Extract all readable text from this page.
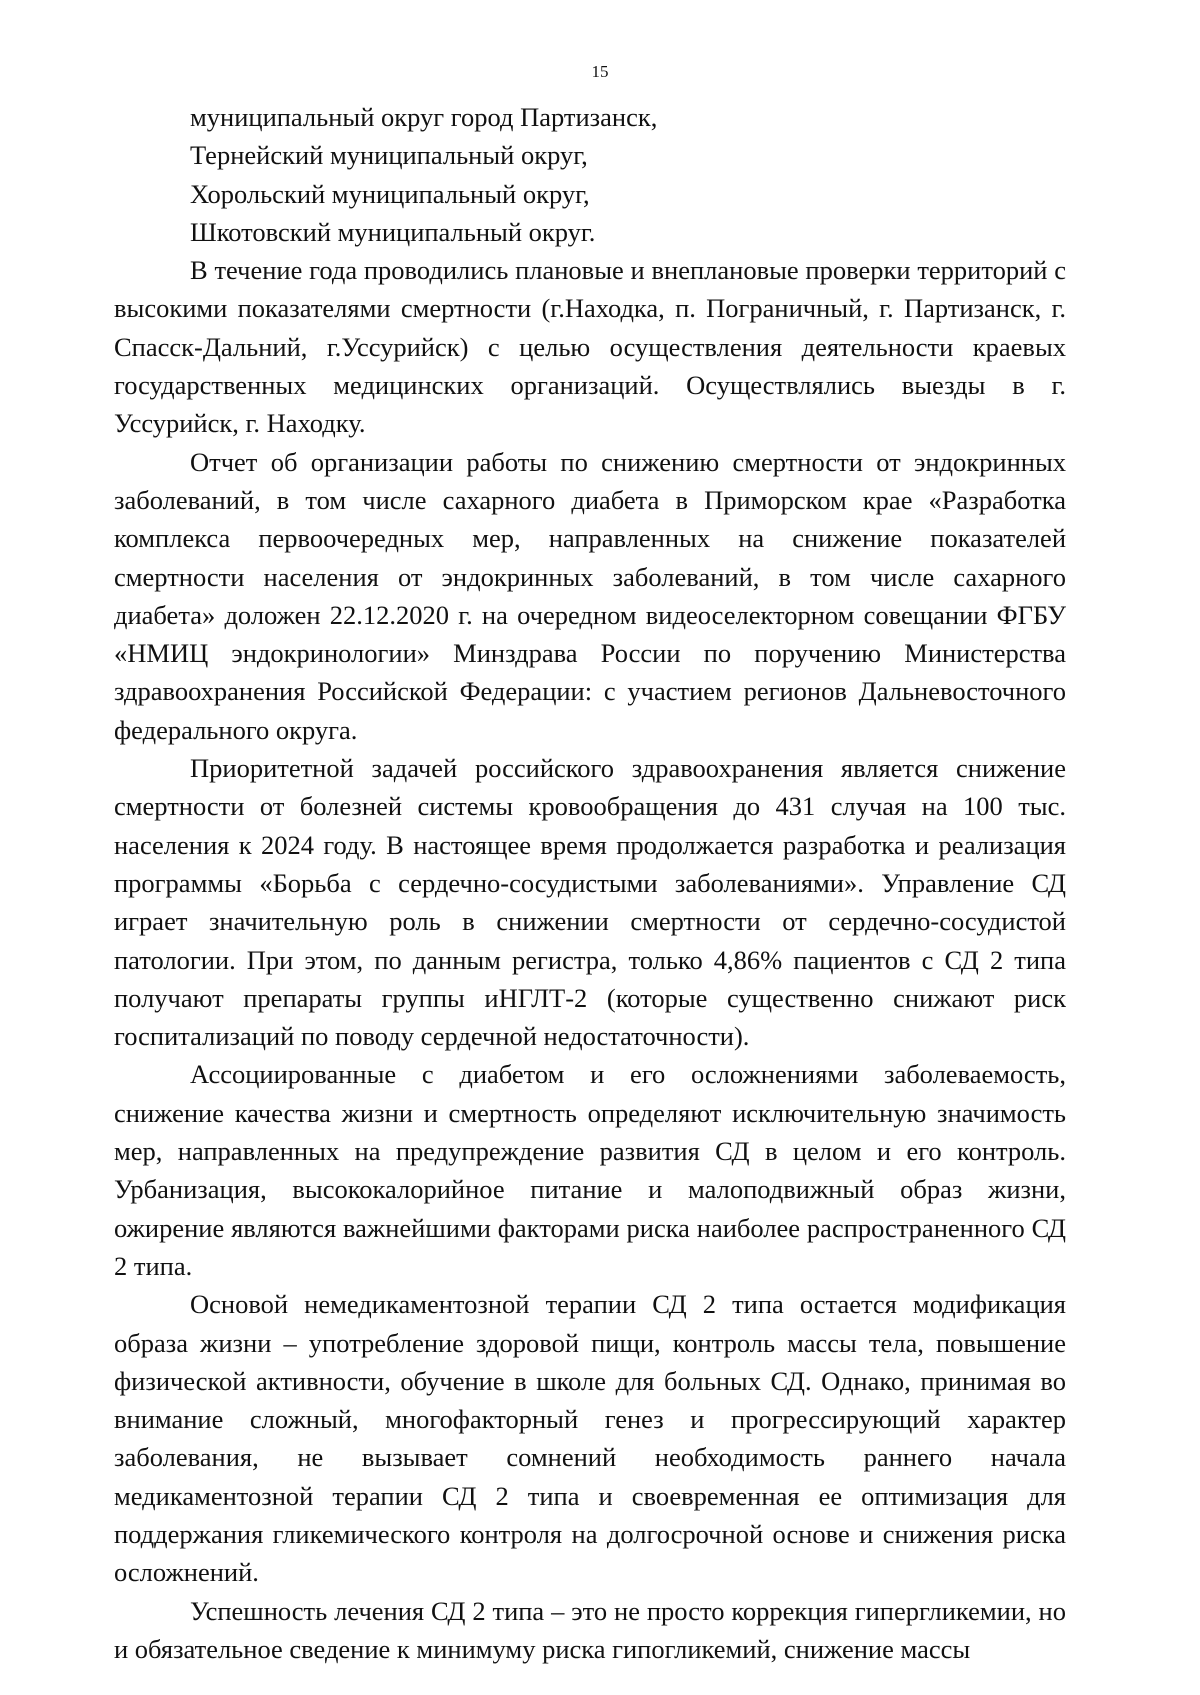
15

муниципальный округ город Партизанск,

Тернейский муниципальный округ,

Хорольский муниципальный округ,

Шкотовский муниципальный округ.

В течение года проводились плановые и внеплановые проверки территорий с высокими показателями смертности (г.Находка, п. Пограничный, г. Партизанск, г. Спасск-Дальний, г.Уссурийск) с целью осуществления деятельности краевых государственных медицинских организаций. Осуществлялись выезды в г. Уссурийск, г. Находку.

Отчет об организации работы по снижению смертности от эндокринных заболеваний, в том числе сахарного диабета в Приморском крае «Разработка комплекса первоочередных мер, направленных на снижение показателей смертности населения от эндокринных заболеваний, в том числе сахарного диабета» доложен 22.12.2020 г. на очередном видеоселекторном совещании ФГБУ «НМИЦ эндокринологии» Минздрава России по поручению Министерства здравоохранения Российской Федерации: с участием регионов Дальневосточного федерального округа.

Приоритетной задачей российского здравоохранения является снижение смертности от болезней системы кровообращения до 431 случая на 100 тыс. населения к 2024 году. В настоящее время продолжается разработка и реализация программы «Борьба с сердечно-сосудистыми заболеваниями». Управление СД играет значительную роль в снижении смертности от сердечно-сосудистой патологии. При этом, по данным регистра, только 4,86% пациентов с СД 2 типа получают препараты группы иНГЛТ-2 (которые существенно снижают риск госпитализаций по поводу сердечной недостаточности).

Ассоциированные с диабетом и его осложнениями заболеваемость, снижение качества жизни и смертность определяют исключительную значимость мер, направленных на предупреждение развития СД в целом и его контроль. Урбанизация, высококалорийное питание и малоподвижный образ жизни, ожирение являются важнейшими факторами риска наиболее распространенного СД 2 типа.

Основой немедикаментозной терапии СД 2 типа остается модификация образа жизни – употребление здоровой пищи, контроль массы тела, повышение физической активности, обучение в школе для больных СД. Однако, принимая во внимание сложный, многофакторный генез и прогрессирующий характер заболевания, не вызывает сомнений необходимость раннего начала медикаментозной терапии СД 2 типа и своевременная ее оптимизация для поддержания гликемического контроля на долгосрочной основе и снижения риска осложнений.

Успешность лечения СД 2 типа – это не просто коррекция гипергликемии, но и обязательное сведение к минимуму риска гипогликемий, снижение массы
